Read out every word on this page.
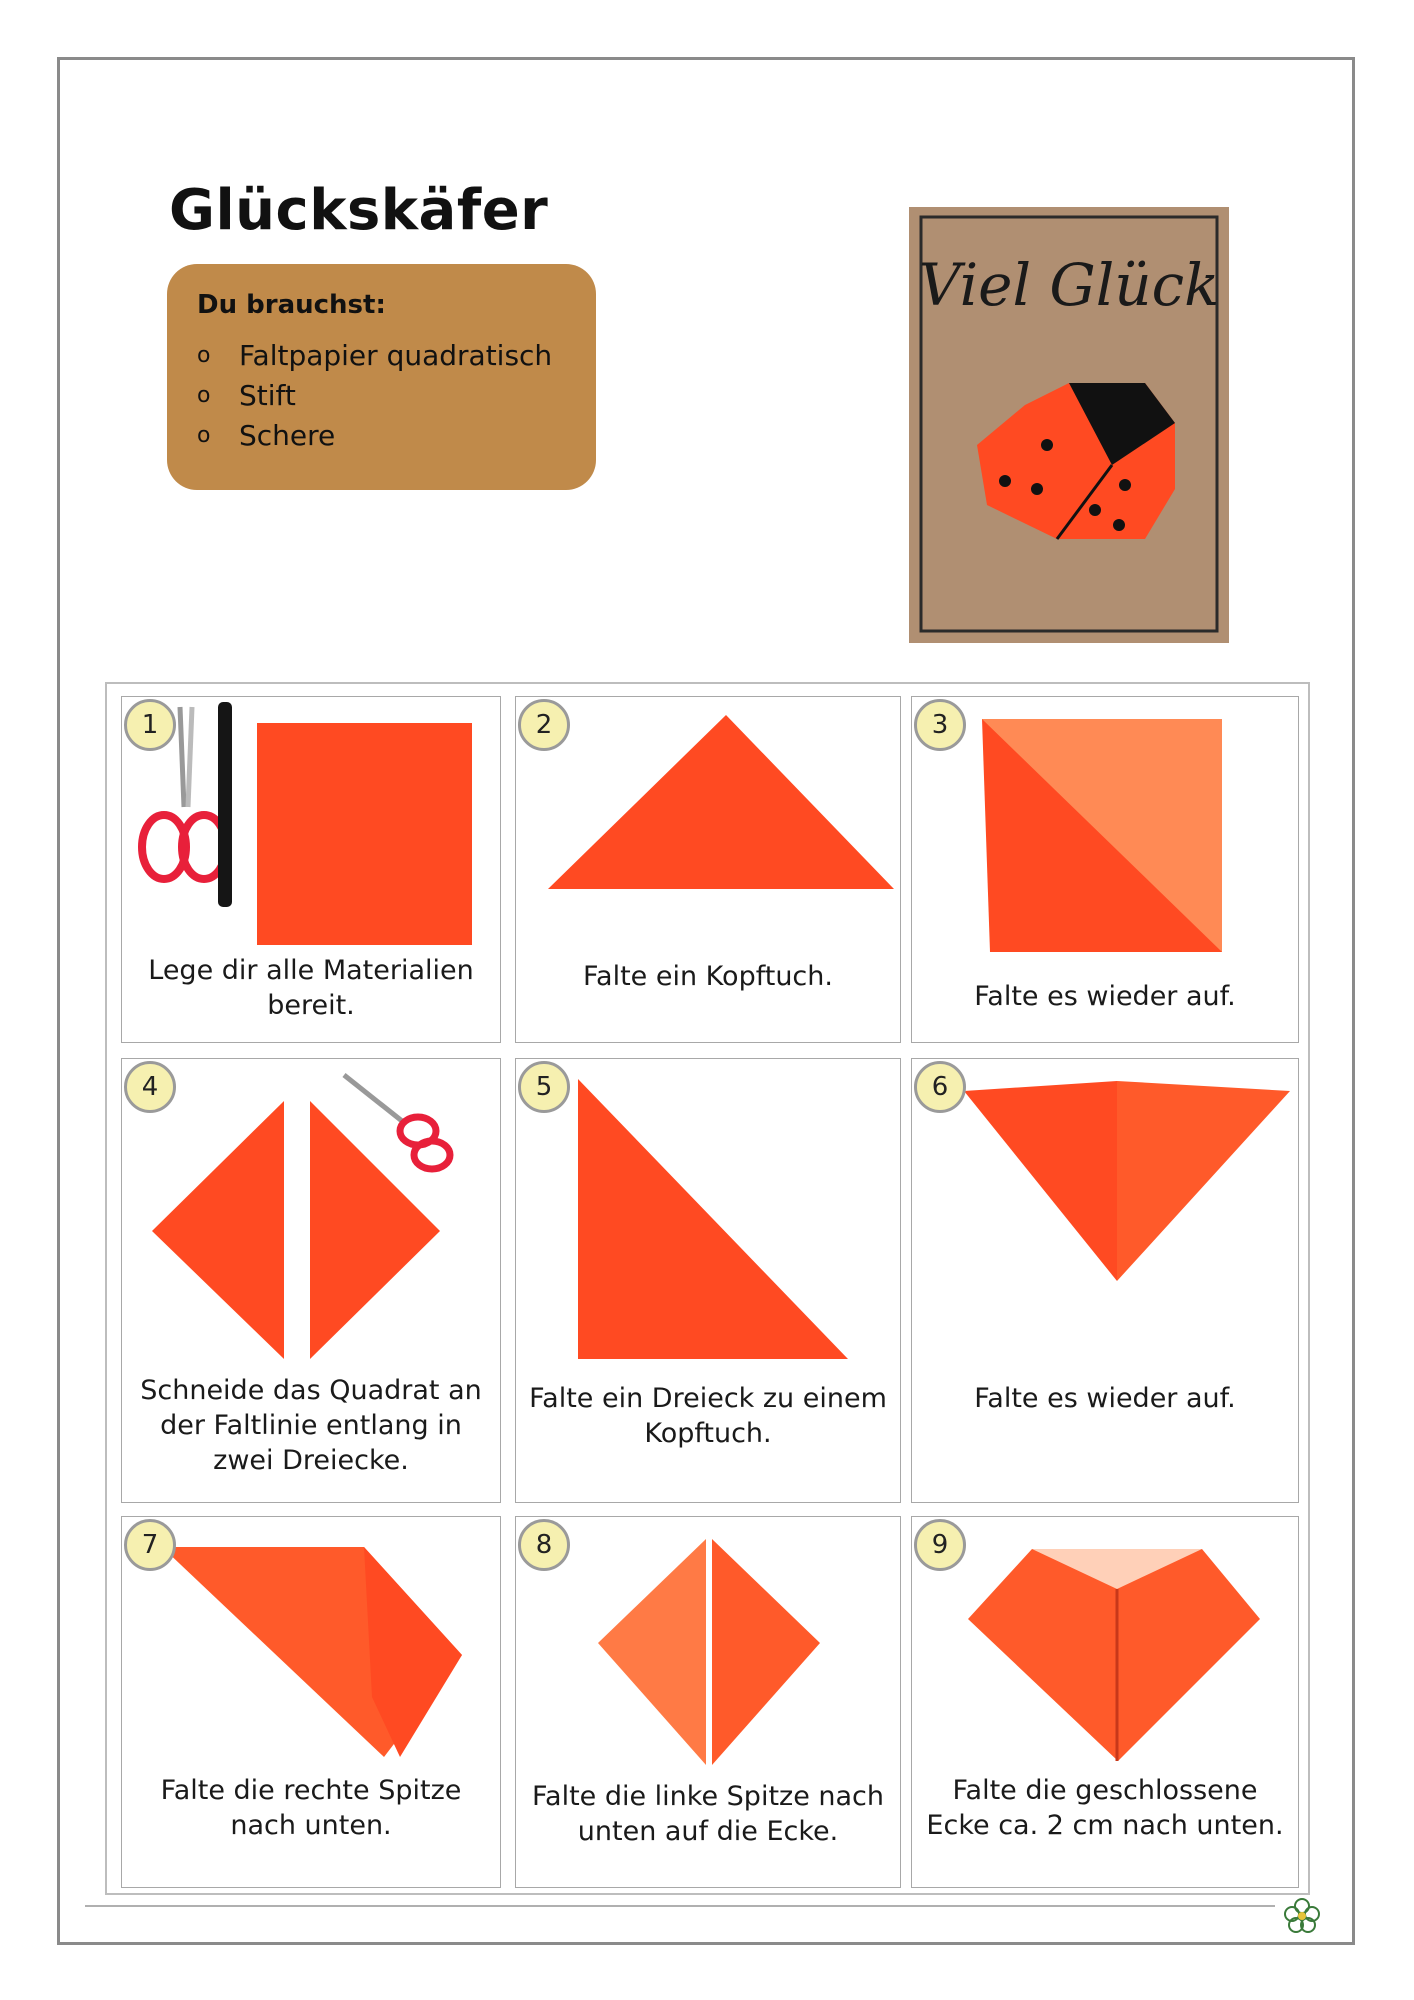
Glückskäfer
Du brauchst:
o	Faltpapier quadratisch
o	Stift
o	Schere
Viel Glück
1
Lege dir alle Materialien bereit.
2
Falte ein Kopftuch.
3
Falte es wieder auf.
4
Schneide das Quadrat an der Faltlinie entlang in zwei Dreiecke.
5
Falte ein Dreieck zu einem Kopftuch.
6
Falte es wieder auf.
7
Falte die rechte Spitze nach unten.
8
Falte die linke Spitze nach unten auf die Ecke.
9
Falte die geschlossene Ecke ca. 2 cm nach unten.
